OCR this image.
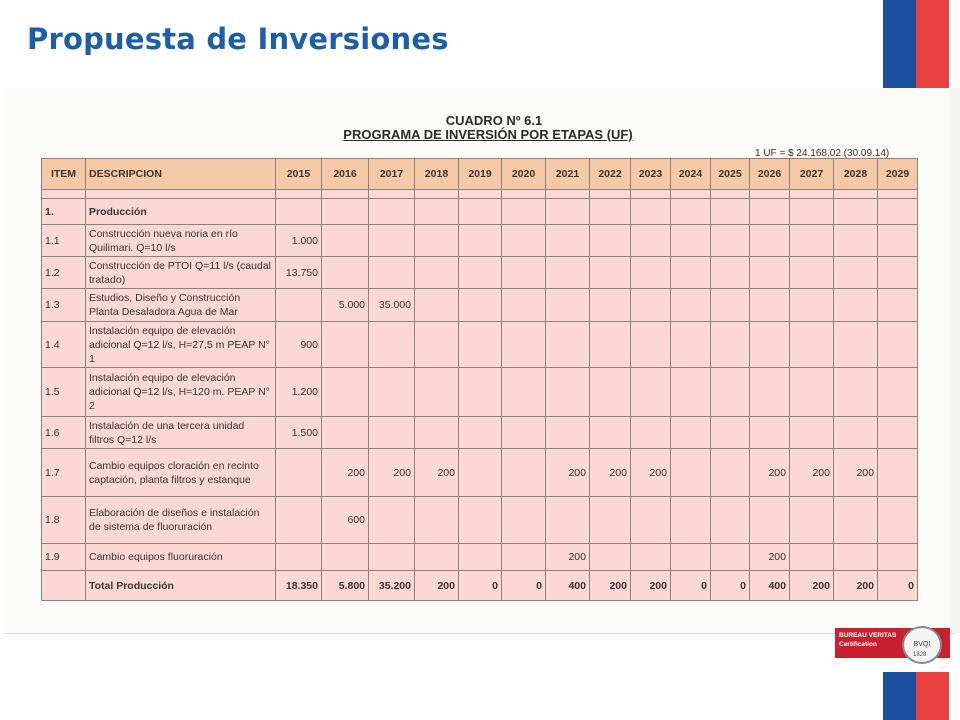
Propuesta de Inversiones
CUADRO Nº 6.1
PROGRAMA DE INVERSIÓN POR ETAPAS (UF)
1 UF = $ 24.168,02 (30.09.14)
ITEM	DESCRIPCION	2015	2016	2017	2018	2019	2020	2021	2022	2023	2024	2025	2026	2027	2028	2029

1.	Producción															
1.1	Construcción nueva noria en río Quilimari. Q=10 l/s	1.000														
1.2	Construcción de PTOI Q=11 l/s (caudal tratado)	13.750														
1.3	Estudios, Diseño y Construcción Planta Desaladora Agua de Mar		5.000	35.000												
1.4	Instalación equipo de elevación adicional Q=12 l/s, H=27,5 m PEAP N° 1	900														
1.5	Instalación equipo de elevación adicional Q=12 l/s, H=120 m. PEAP N° 2	1.200														
1.6	Instalación de una tercera unidad filtros Q=12 l/s	1.500														
1.7	Cambio equipos cloración en recinto captación, planta filtros y estanque		200	200	200			200	200	200			200	200	200	
1.8	Elaboración de diseños e instalación de sistema de fluoruración		600													
1.9	Cambio equipos fluoruración							200					200			
	Total Producción	18.350	5.800	35.200	200	0	0	400	200	200	0	0	400	200	200	0
BUREAU VERITAS
Certification	BVQI
1828
